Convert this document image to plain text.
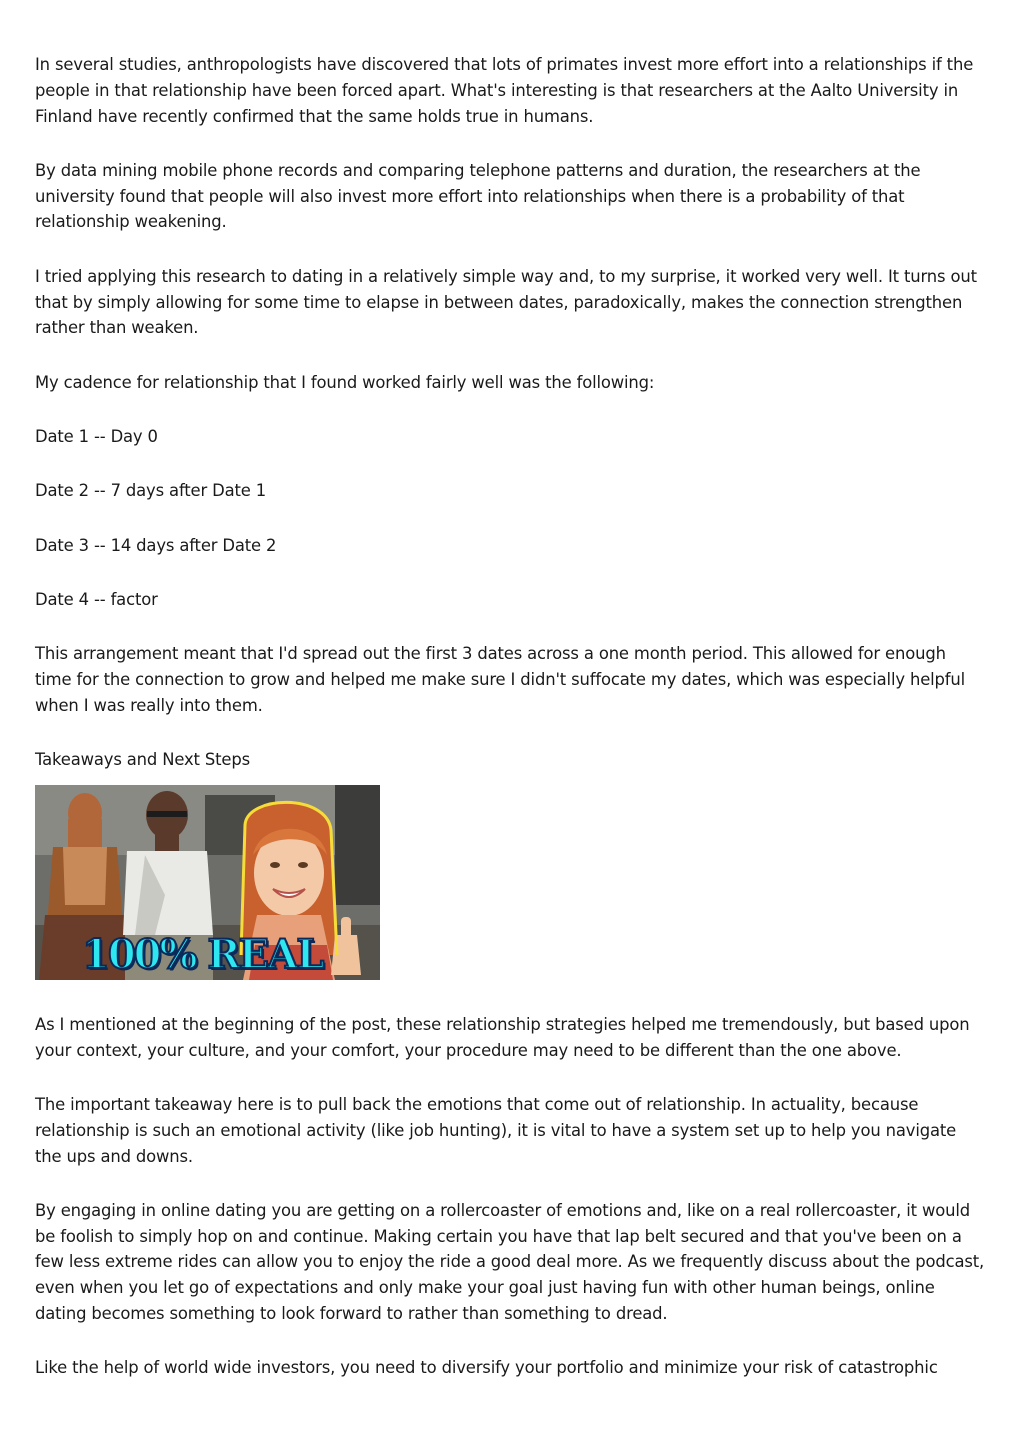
In several studies, anthropologists have discovered that lots of primates invest more effort into a relationships if the people in that relationship have been forced apart. What's interesting is that researchers at the Aalto University in Finland have recently confirmed that the same holds true in humans.

By data mining mobile phone records and comparing telephone patterns and duration, the researchers at the university found that people will also invest more effort into relationships when there is a probability of that relationship weakening.

I tried applying this research to dating in a relatively simple way and, to my surprise, it worked very well. It turns out that by simply allowing for some time to elapse in between dates, paradoxically, makes the connection strengthen rather than weaken.

My cadence for relationship that I found worked fairly well was the following:

Date 1 -- Day 0

Date 2 -- 7 days after Date 1

Date 3 -- 14 days after Date 2

Date 4 -- factor

This arrangement meant that I'd spread out the first 3 dates across a one month period. This allowed for enough time for the connection to grow and helped me make sure I didn't suffocate my dates, which was especially helpful when I was really into them.

Takeaways and Next Steps

100% REAL

As I mentioned at the beginning of the post, these relationship strategies helped me tremendously, but based upon your context, your culture, and your comfort, your procedure may need to be different than the one above.

The important takeaway here is to pull back the emotions that come out of relationship. In actuality, because relationship is such an emotional activity (like job hunting), it is vital to have a system set up to help you navigate the ups and downs.

By engaging in online dating you are getting on a rollercoaster of emotions and, like on a real rollercoaster, it would be foolish to simply hop on and continue. Making certain you have that lap belt secured and that you've been on a few less extreme rides can allow you to enjoy the ride a good deal more. As we frequently discuss about the podcast, even when you let go of expectations and only make your goal just having fun with other human beings, online dating becomes something to look forward to rather than something to dread.

Like the help of world wide investors, you need to diversify your portfolio and minimize your risk of catastrophic
